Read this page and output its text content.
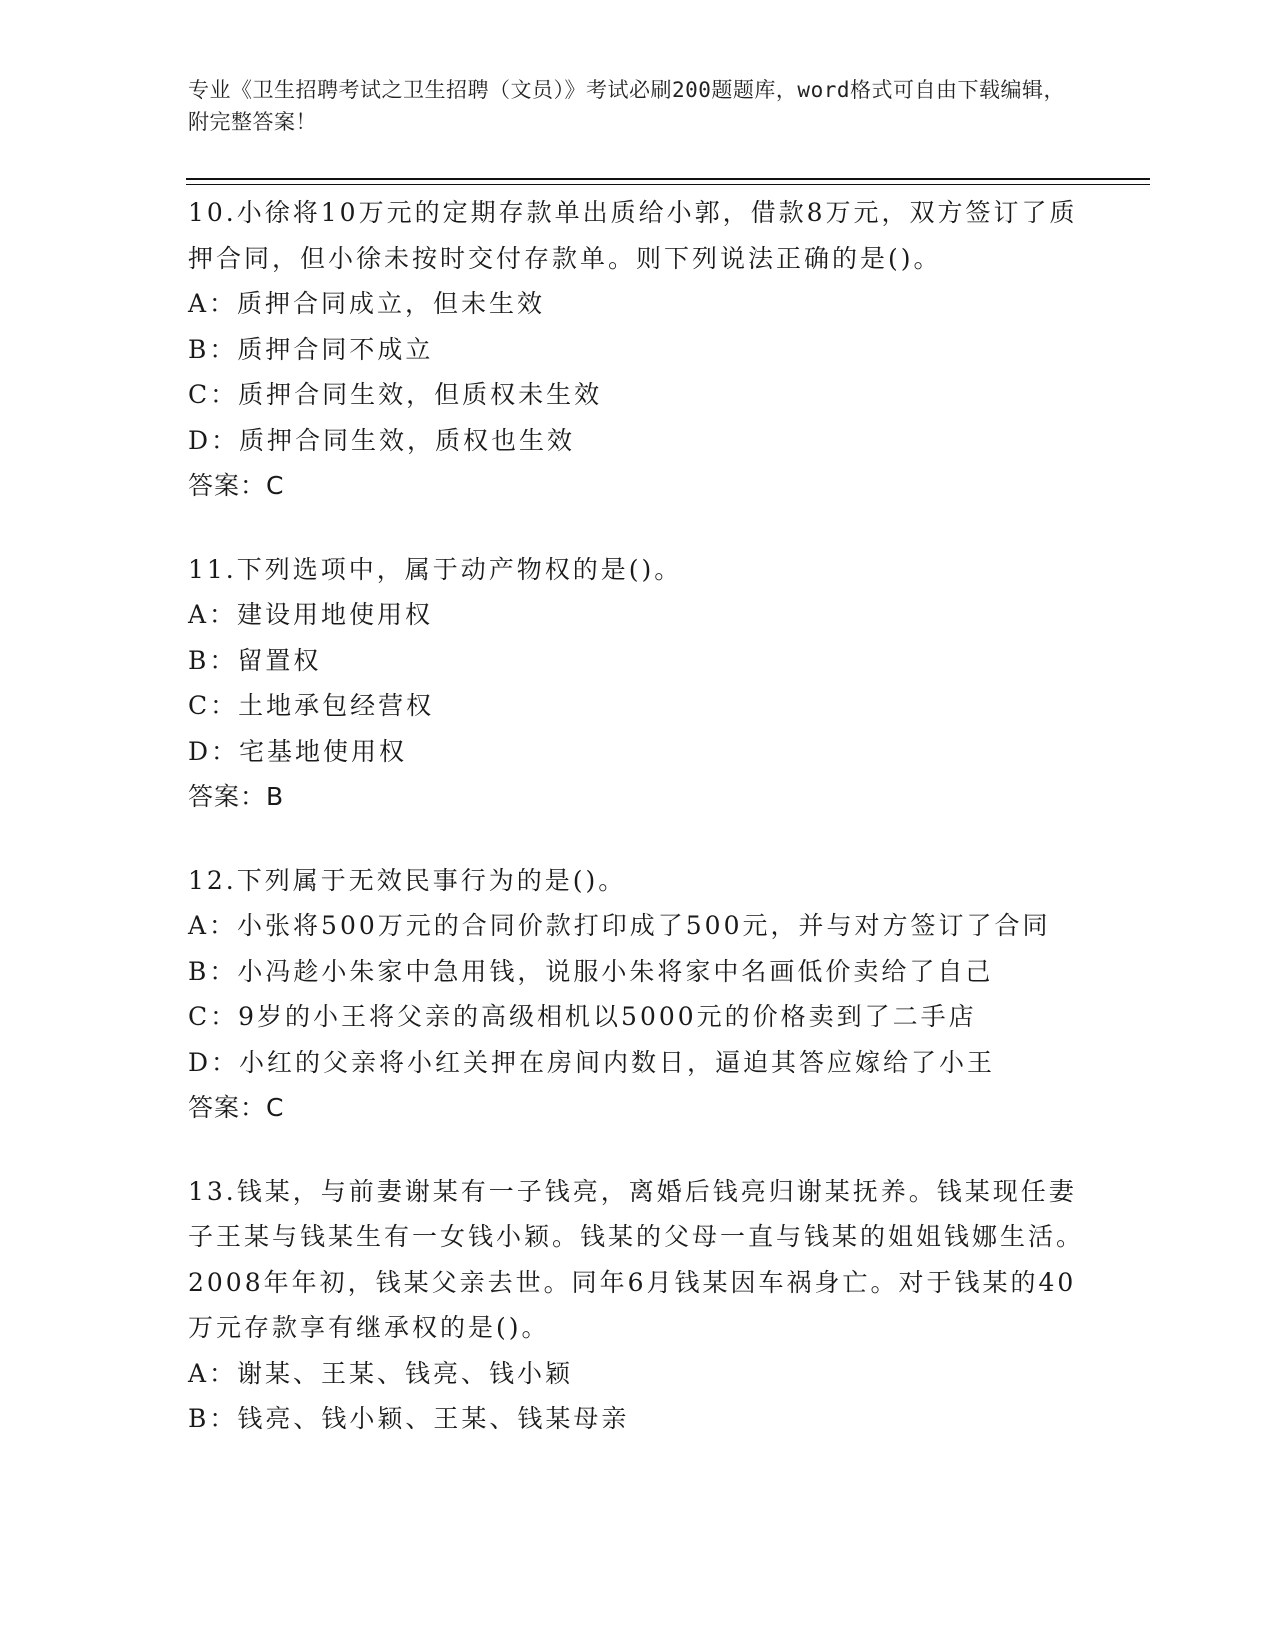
专业《卫生招聘考试之卫生招聘（文员）》考试必刷200题题库，word格式可自由下载编辑，附完整答案！
10.小徐将10万元的定期存款单出质给小郭，借款8万元，双方签订了质押合同，但小徐未按时交付存款单。则下列说法正确的是()。
A：质押合同成立，但未生效
B：质押合同不成立
C：质押合同生效，但质权未生效
D：质押合同生效，质权也生效
答案：C
11.下列选项中，属于动产物权的是()。
A：建设用地使用权
B：留置权
C：土地承包经营权
D：宅基地使用权
答案：B
12.下列属于无效民事行为的是()。
A：小张将500万元的合同价款打印成了500元，并与对方签订了合同
B：小冯趁小朱家中急用钱，说服小朱将家中名画低价卖给了自己
C：9岁的小王将父亲的高级相机以5000元的价格卖到了二手店
D：小红的父亲将小红关押在房间内数日，逼迫其答应嫁给了小王
答案：C
13.钱某，与前妻谢某有一子钱亮，离婚后钱亮归谢某抚养。钱某现任妻子王某与钱某生有一女钱小颖。钱某的父母一直与钱某的姐姐钱娜生活。2008年年初，钱某父亲去世。同年6月钱某因车祸身亡。对于钱某的40万元存款享有继承权的是()。
A：谢某、王某、钱亮、钱小颖
B：钱亮、钱小颖、王某、钱某母亲
